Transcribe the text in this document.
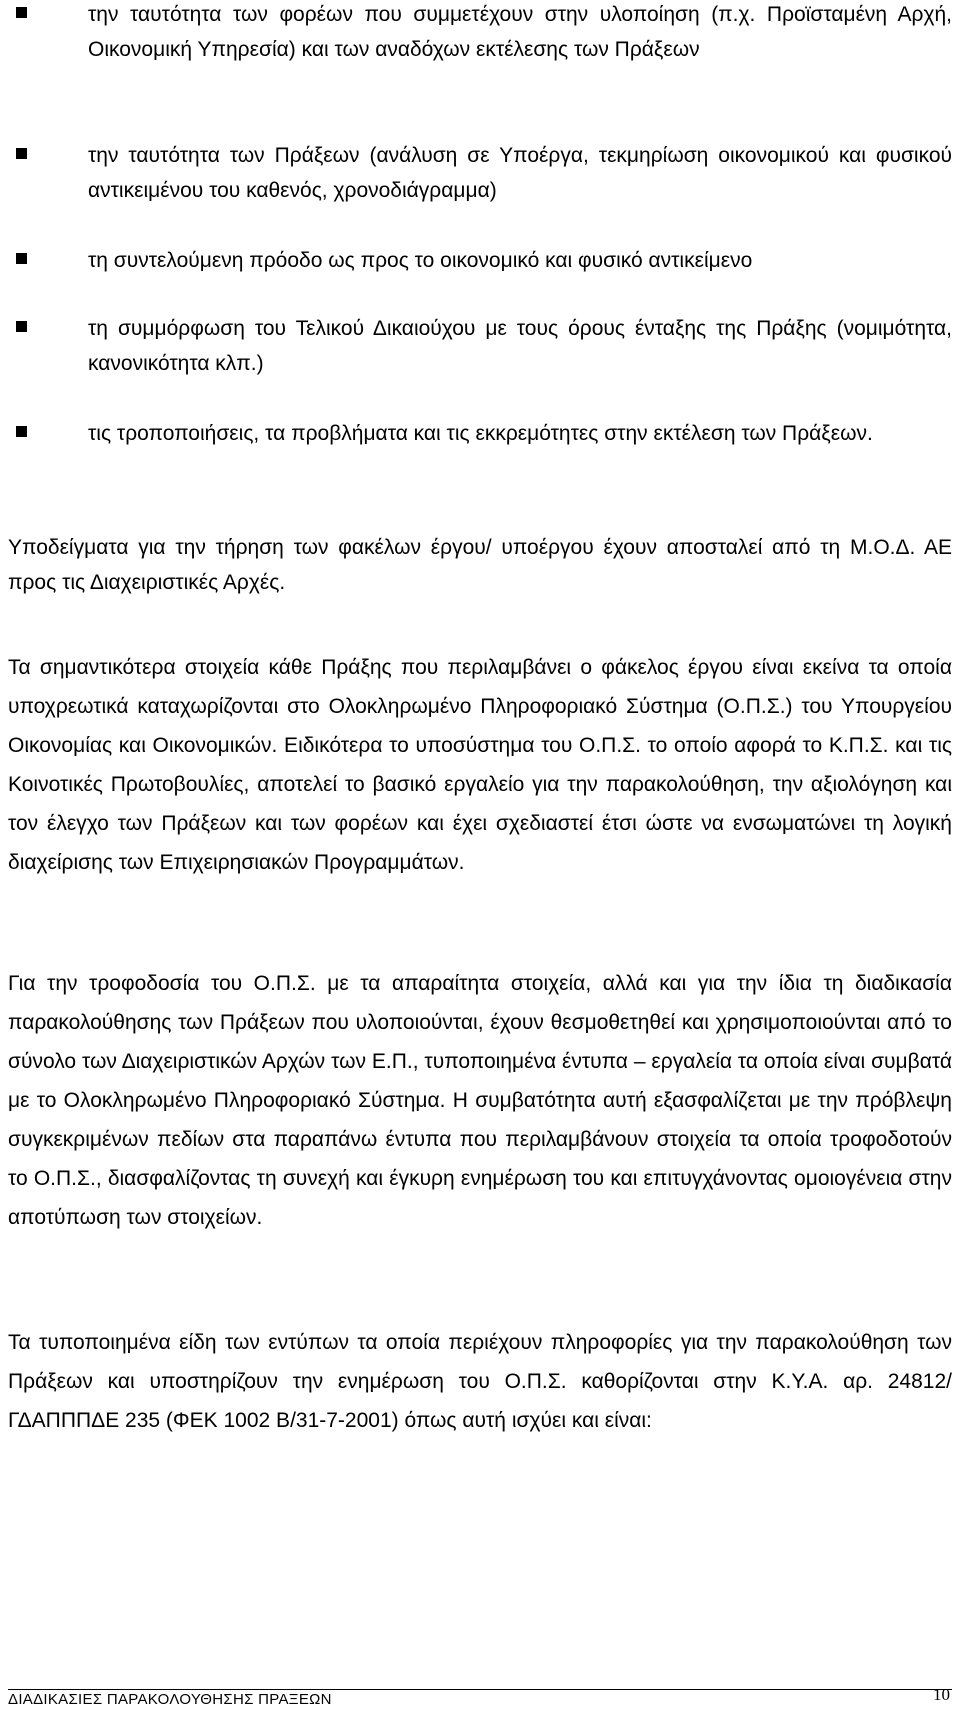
την ταυτότητα των φορέων που συμμετέχουν στην υλοποίηση (π.χ. Προϊσταμένη Αρχή, Οικονομική Υπηρεσία) και των αναδόχων εκτέλεσης των Πράξεων
την ταυτότητα των Πράξεων (ανάλυση σε Υποέργα, τεκμηρίωση οικονομικού και φυσικού αντικειμένου του καθενός, χρονοδιάγραμμα)
τη συντελούμενη πρόοδο ως προς το οικονομικό και φυσικό αντικείμενο
τη συμμόρφωση του Τελικού Δικαιούχου με τους όρους ένταξης της Πράξης (νομιμότητα, κανονικότητα κλπ.)
τις τροποποιήσεις, τα προβλήματα και τις εκκρεμότητες στην εκτέλεση των Πράξεων.

Υποδείγματα για την τήρηση των φακέλων έργου/ υποέργου έχουν αποσταλεί από τη Μ.Ο.Δ. ΑΕ προς τις Διαχειριστικές Αρχές.

Τα σημαντικότερα στοιχεία κάθε Πράξης που περιλαμβάνει ο φάκελος έργου είναι εκείνα τα οποία υποχρεωτικά καταχωρίζονται στο Ολοκληρωμένο Πληροφοριακό Σύστημα (Ο.Π.Σ.) του Υπουργείου Οικονομίας και Οικονομικών. Ειδικότερα το υποσύστημα του Ο.Π.Σ. το οποίο αφορά το Κ.Π.Σ. και τις Κοινοτικές Πρωτοβουλίες, αποτελεί το βασικό εργαλείο για την παρακολούθηση, την αξιολόγηση και τον έλεγχο των Πράξεων και των φορέων και έχει σχεδιαστεί έτσι ώστε να ενσωματώνει τη λογική διαχείρισης των Επιχειρησιακών Προγραμμάτων.

Για την τροφοδοσία του Ο.Π.Σ. με τα απαραίτητα στοιχεία, αλλά και για την ίδια τη διαδικασία παρακολούθησης των Πράξεων που υλοποιούνται, έχουν θεσμοθετηθεί και χρησιμοποιούνται από το σύνολο των Διαχειριστικών Αρχών των Ε.Π., τυποποιημένα έντυπα – εργαλεία τα οποία είναι συμβατά με το Ολοκληρωμένο Πληροφοριακό Σύστημα. Η συμβατότητα αυτή εξασφαλίζεται με την πρόβλεψη συγκεκριμένων πεδίων στα παραπάνω έντυπα που περιλαμβάνουν στοιχεία τα οποία τροφοδοτούν το Ο.Π.Σ., διασφαλίζοντας τη συνεχή και έγκυρη ενημέρωση του και επιτυγχάνοντας ομοιογένεια στην αποτύπωση των στοιχείων.

Τα τυποποιημένα είδη των εντύπων τα οποία περιέχουν πληροφορίες για την παρακολούθηση των Πράξεων και υποστηρίζουν την ενημέρωση του Ο.Π.Σ. καθορίζονται στην Κ.Υ.Α. αρ. 24812/ΓΔΑΠΠΠΔΕ 235 (ΦΕΚ 1002 Β/31-7-2001) όπως αυτή ισχύει και είναι:

ΔΙΑΔΙΚΑΣΙΕΣ ΠΑΡΑΚΟΛΟΥΘΗΣΗΣ ΠΡΑΞΕΩΝ	10
